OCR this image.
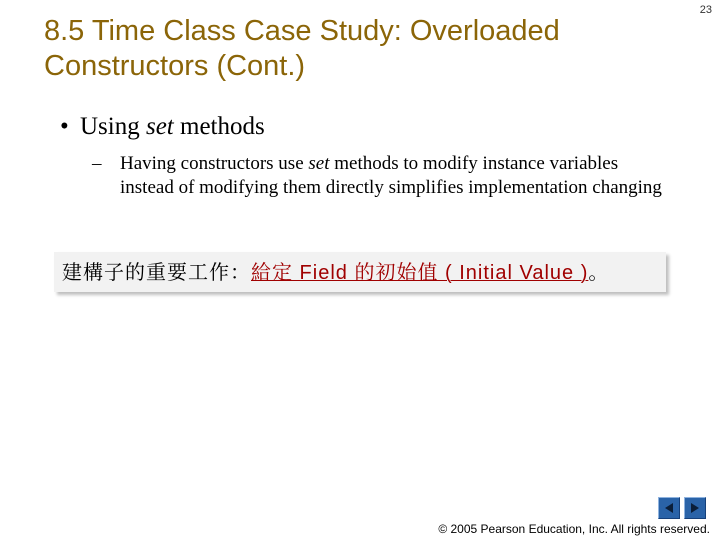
8.5 Time Class Case Study: Overloaded
Constructors (Cont.)
23
• Using set methods
– Having constructors use set methods to modify instance variables instead of modifying them directly simplifies implementation changing
建構子的重要工作：給定 Field 的初始值 ( Initial Value )。
© 2005 Pearson Education, Inc. All rights reserved.
